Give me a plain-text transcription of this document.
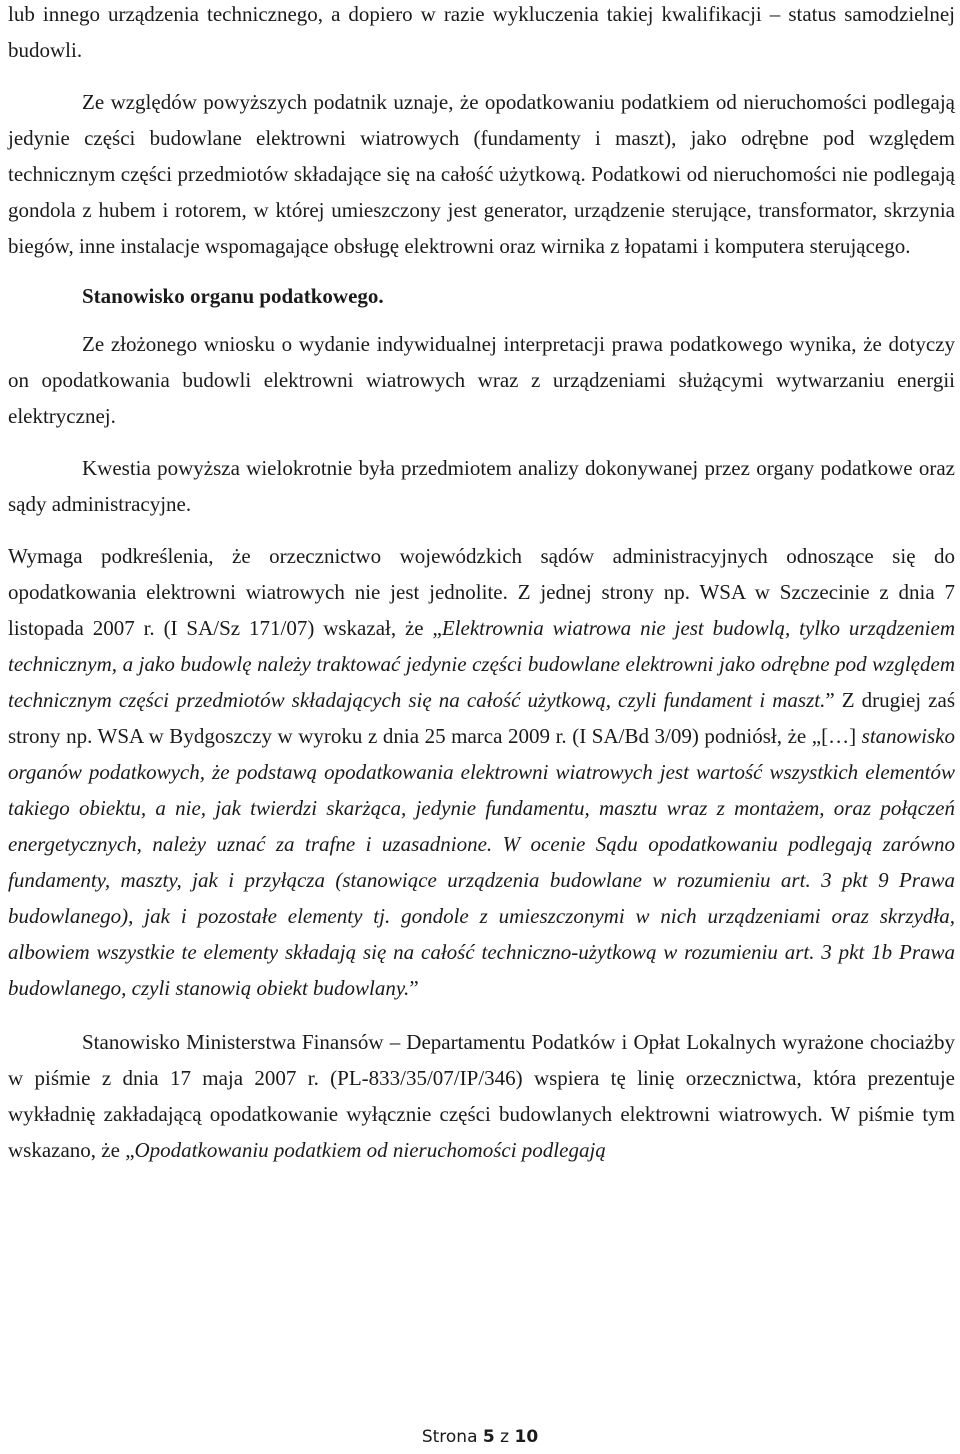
lub innego urządzenia technicznego, a dopiero w razie wykluczenia takiej kwalifikacji – status samodzielnej budowli.

Ze względów powyższych podatnik uznaje, że opodatkowaniu podatkiem od nieruchomości podlegają jedynie części budowlane elektrowni wiatrowych (fundamenty i maszt), jako odrębne pod względem technicznym części przedmiotów składające się na całość użytkową. Podatkowi od nieruchomości nie podlegają gondola z hubem i rotorem, w której umieszczony jest generator, urządzenie sterujące, transformator, skrzynia biegów, inne instalacje wspomagające obsługę elektrowni oraz wirnika z łopatami i komputera sterującego.

Stanowisko organu podatkowego.

Ze złożonego wniosku o wydanie indywidualnej interpretacji prawa podatkowego wynika, że dotyczy on opodatkowania budowli elektrowni wiatrowych wraz z urządzeniami służącymi wytwarzaniu energii elektrycznej.

Kwestia powyższa wielokrotnie była przedmiotem analizy dokonywanej przez organy podatkowe oraz sądy administracyjne.

Wymaga podkreślenia, że orzecznictwo wojewódzkich sądów administracyjnych odnoszące się do opodatkowania elektrowni wiatrowych nie jest jednolite. Z jednej strony np. WSA w Szczecinie z dnia 7 listopada 2007 r. (I SA/Sz 171/07) wskazał, że „Elektrownia wiatrowa nie jest budowlą, tylko urządzeniem technicznym, a jako budowlę należy traktować jedynie części budowlane elektrowni jako odrębne pod względem technicznym części przedmiotów składających się na całość użytkową, czyli fundament i maszt.” Z drugiej zaś strony np. WSA w Bydgoszczy w wyroku z dnia 25 marca 2009 r. (I SA/Bd 3/09) podniósł, że „[…] stanowisko organów podatkowych, że podstawą opodatkowania elektrowni wiatrowych jest wartość wszystkich elementów takiego obiektu, a nie, jak twierdzi skarżąca, jedynie fundamentu, masztu wraz z montażem, oraz połączeń energetycznych, należy uznać za trafne i uzasadnione. W ocenie Sądu opodatkowaniu podlegają zarówno fundamenty, maszty, jak i przyłącza (stanowiące urządzenia budowlane w rozumieniu art. 3 pkt 9 Prawa budowlanego), jak i pozostałe elementy tj. gondole z umieszczonymi w nich urządzeniami oraz skrzydła, albowiem wszystkie te elementy składają się na całość techniczno-użytkową w rozumieniu art. 3 pkt 1b Prawa budowlanego, czyli stanowią obiekt budowlany.”

Stanowisko Ministerstwa Finansów – Departamentu Podatków i Opłat Lokalnych wyrażone chociażby w piśmie z dnia 17 maja 2007 r. (PL-833/35/07/IP/346) wspiera tę linię orzecznictwa, która prezentuje wykładnię zakładającą opodatkowanie wyłącznie części budowlanych elektrowni wiatrowych. W piśmie tym wskazano, że „Opodatkowaniu podatkiem od nieruchomości podlegają

Strona 5 z 10
